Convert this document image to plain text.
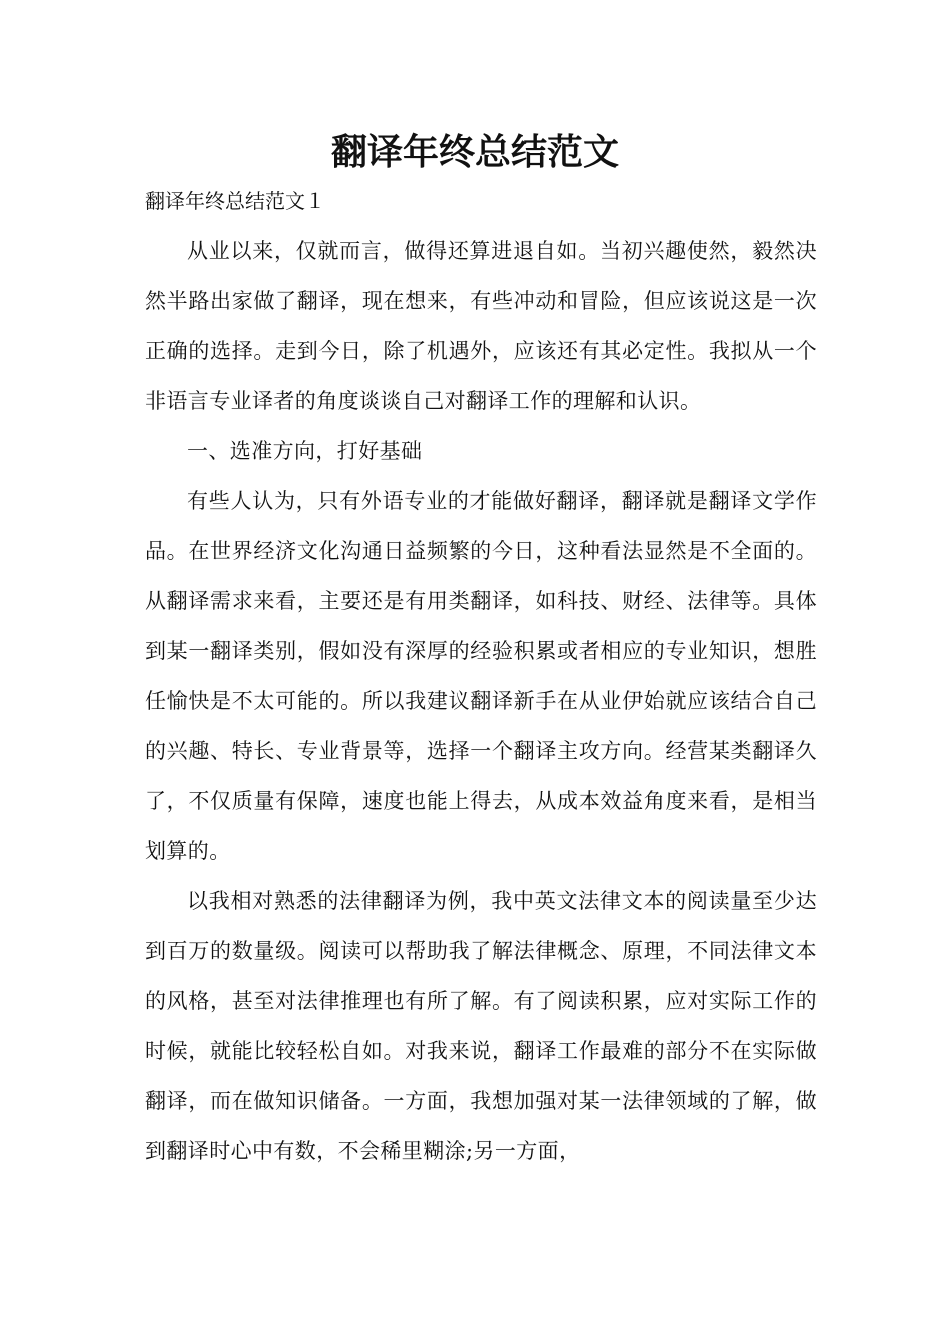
翻译年终总结范文

翻译年终总结范文１

从业以来，仅就而言，做得还算进退自如。当初兴趣使然，毅然决然半路出家做了翻译，现在想来，有些冲动和冒险，但应该说这是一次正确的选择。走到今日，除了机遇外，应该还有其必定性。我拟从一个非语言专业译者的角度谈谈自己对翻译工作的理解和认识。

一、选准方向，打好基础

有些人认为，只有外语专业的才能做好翻译，翻译就是翻译文学作品。在世界经济文化沟通日益频繁的今日，这种看法显然是不全面的。从翻译需求来看，主要还是有用类翻译，如科技、财经、法律等。具体到某一翻译类别，假如没有深厚的经验积累或者相应的专业知识，想胜任愉快是不太可能的。所以我建议翻译新手在从业伊始就应该结合自己的兴趣、特长、专业背景等，选择一个翻译主攻方向。经营某类翻译久了，不仅质量有保障，速度也能上得去，从成本效益角度来看，是相当划算的。

以我相对熟悉的法律翻译为例，我中英文法律文本的阅读量至少达到百万的数量级。阅读可以帮助我了解法律概念、原理，不同法律文本的风格，甚至对法律推理也有所了解。有了阅读积累，应对实际工作的时候，就能比较轻松自如。对我来说，翻译工作最难的部分不在实际做翻译，而在做知识储备。一方面，我想加强对某一法律领域的了解，做到翻译时心中有数，不会稀里糊涂;另一方面，
